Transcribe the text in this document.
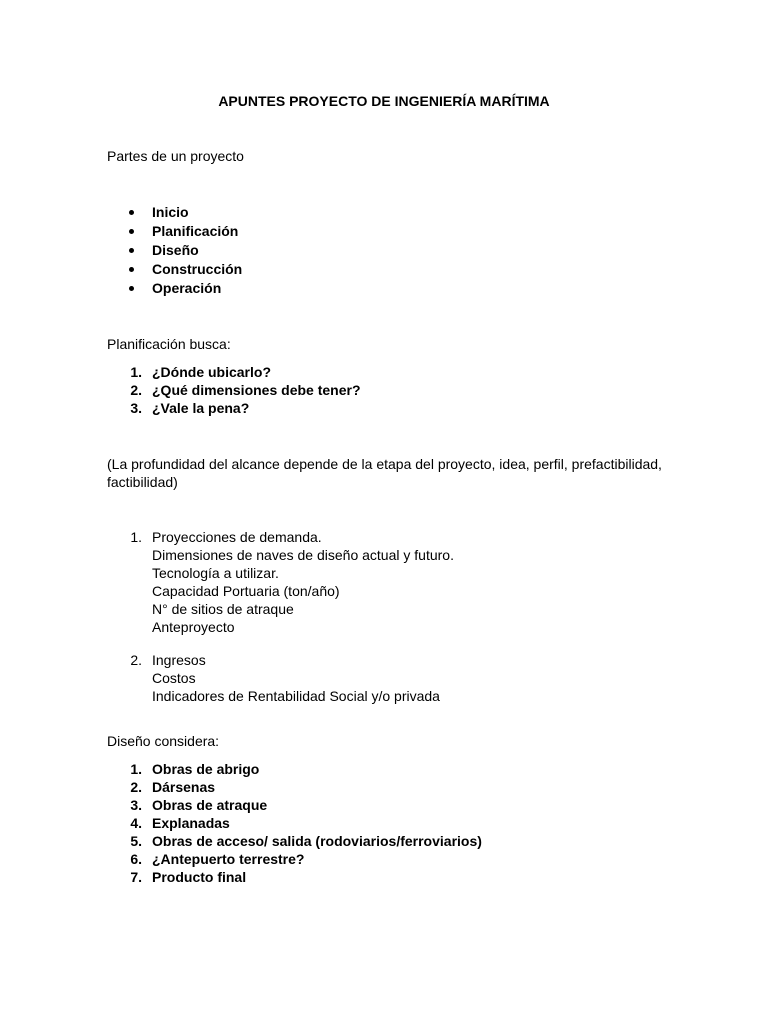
APUNTES PROYECTO DE INGENIERÍA MARÍTIMA

Partes de un proyecto

Inicio
Planificación
Diseño
Construcción
Operación

Planificación busca:

1. ¿Dónde ubicarlo?
2. ¿Qué dimensiones debe tener?
3. ¿Vale la pena?

(La profundidad del alcance depende de la etapa del proyecto, idea, perfil, prefactibilidad, factibilidad)

1. Proyecciones de demanda.
Dimensiones de naves de diseño actual y futuro.
Tecnología a utilizar.
Capacidad Portuaria (ton/año)
N° de sitios de atraque
Anteproyecto
2. Ingresos
Costos
Indicadores de Rentabilidad Social y/o privada

Diseño considera:

1. Obras de abrigo
2. Dársenas
3. Obras de atraque
4. Explanadas
5. Obras de acceso/ salida (rodoviarios/ferroviarios)
6. ¿Antepuerto terrestre?
7. Producto final
